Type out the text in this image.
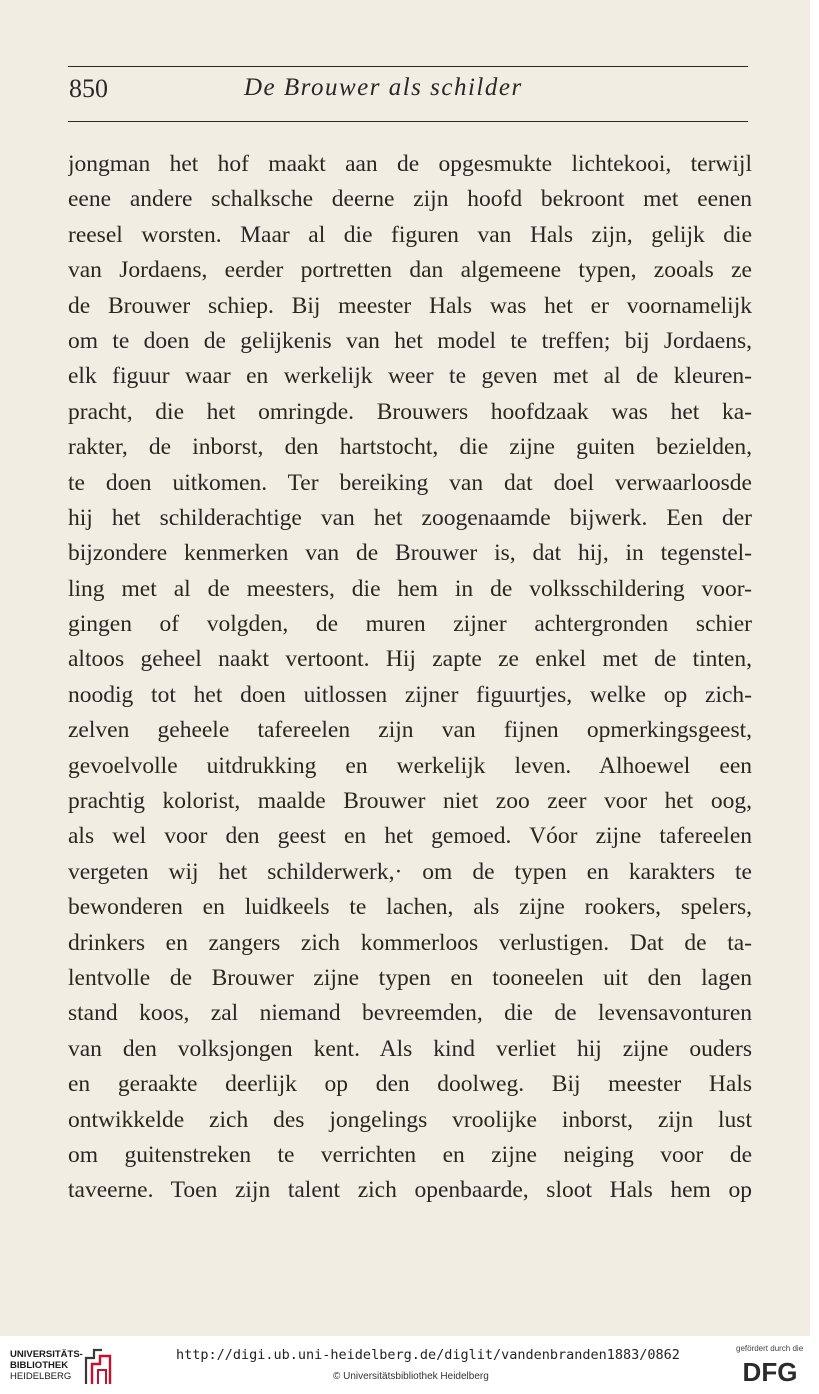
850	De Brouwer als schilder
jongman het hof maakt aan de opgesmukte lichtekooi, terwijl
eene andere schalksche deerne zijn hoofd bekroont met eenen
reesel worsten. Maar al die figuren van Hals zijn, gelijk die
van Jordaens, eerder portretten dan algemeene typen, zooals ze
de Brouwer schiep. Bij meester Hals was het er voornamelijk
om te doen de gelijkenis van het model te treffen; bij Jordaens,
elk figuur waar en werkelijk weer te geven met al de kleuren-
pracht, die het omringde. Brouwers hoofdzaak was het ka-
rakter, de inborst, den hartstocht, die zijne guiten bezielden,
te doen uitkomen. Ter bereiking van dat doel verwaarloosde
hij het schilderachtige van het zoogenaamde bijwerk. Een der
bijzondere kenmerken van de Brouwer is, dat hij, in tegenstel-
ling met al de meesters, die hem in de volksschildering voor-
gingen of volgden, de muren zijner achtergronden schier
altoos geheel naakt vertoont. Hij zapte ze enkel met de tinten,
noodig tot het doen uitlossen zijner figuurtjes, welke op zich-
zelven geheele tafereelen zijn van fijnen opmerkingsgeest,
gevoelvolle uitdrukking en werkelijk leven. Alhoewel een
prachtig kolorist, maalde Brouwer niet zoo zeer voor het oog,
als wel voor den geest en het gemoed. Vóor zijne tafereelen
vergeten wij het schilderwerk,· om de typen en karakters te
bewonderen en luidkeels te lachen, als zijne rookers, spelers,
drinkers en zangers zich kommerloos verlustigen. Dat de ta-
lentvolle de Brouwer zijne typen en tooneelen uit den lagen
stand koos, zal niemand bevreemden, die de levensavonturen
van den volksjongen kent. Als kind verliet hij zijne ouders
en geraakte deerlijk op den doolweg. Bij meester Hals
ontwikkelde zich des jongelings vroolijke inborst, zijn lust
om guitenstreken te verrichten en zijne neiging voor de
taveerne. Toen zijn talent zich openbaarde, sloot Hals hem op
UNIVERSITÄTS-
BIBLIOTHEK
HEIDELBERG
http://digi.ub.uni-heidelberg.de/diglit/vandenbranden1883/0862
© Universitätsbibliothek Heidelberg
gefördert durch die
DFG
